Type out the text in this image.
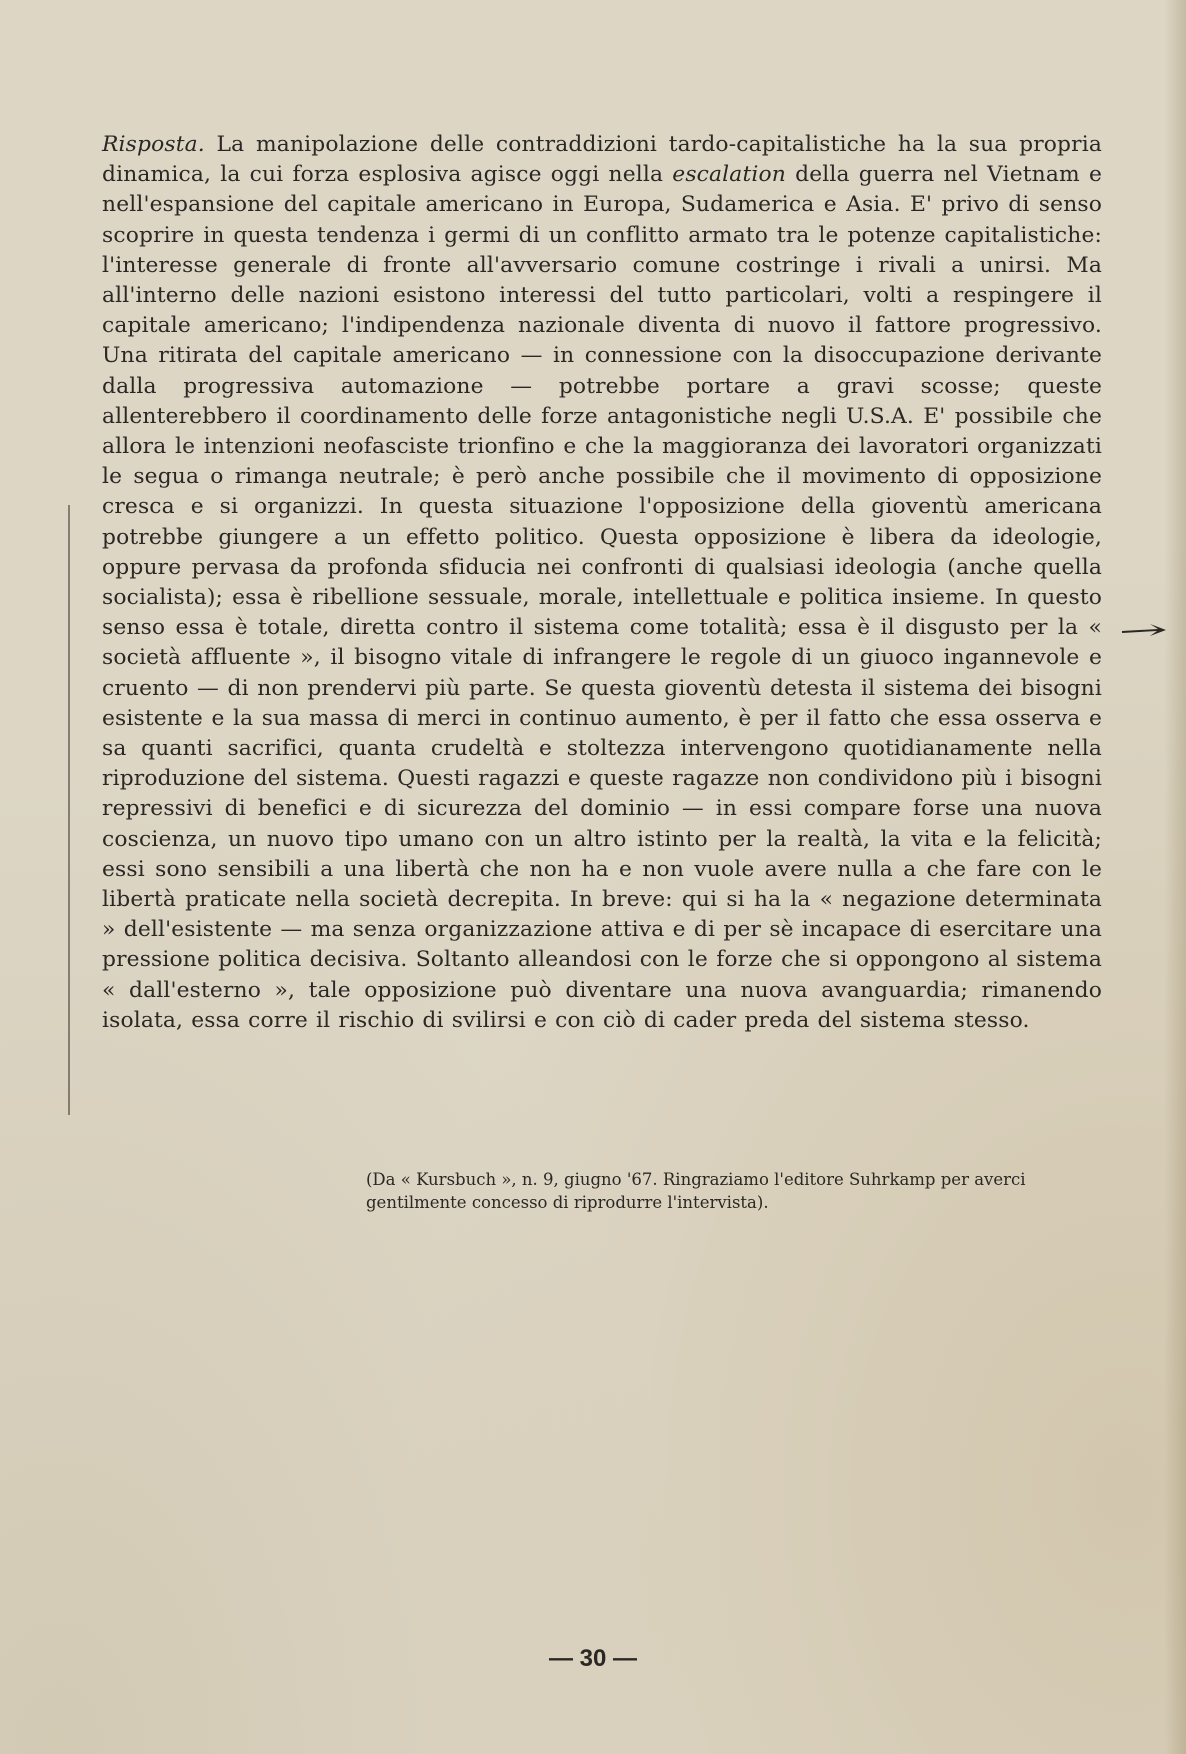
Risposta. La manipolazione delle contraddizioni tardo-capitalistiche ha la sua propria dinamica, la cui forza esplosiva agisce oggi nella escalation della guerra nel Vietnam e nell'espansione del capitale americano in Europa, Sudamerica e Asia. E' privo di senso scoprire in questa tendenza i germi di un conflitto armato tra le potenze capitalistiche: l'interesse generale di fronte all'avversario comune costringe i rivali a unirsi. Ma all'interno delle nazioni esistono interessi del tutto particolari, volti a respingere il capitale americano; l'indipendenza nazionale diventa di nuovo il fattore progressivo. Una ritirata del capitale americano — in connessione con la disoccupazione derivante dalla progressiva automazione — potrebbe portare a gravi scosse; queste allenterebbero il coordinamento delle forze antagonistiche negli U.S.A. E' possibile che allora le intenzioni neofasciste trionfino e che la maggioranza dei lavoratori organizzati le segua o rimanga neutrale; è però anche possibile che il movimento di opposizione cresca e si organizzi. In questa situazione l'opposizione della gioventù americana potrebbe giungere a un effetto politico. Questa opposizione è libera da ideologie, oppure pervasa da profonda sfiducia nei confronti di qualsiasi ideologia (anche quella socialista); essa è ribellione sessuale, morale, intellettuale e politica insieme. In questo senso essa è totale, diretta contro il sistema come totalità; essa è il disgusto per la « società affluente », il bisogno vitale di infrangere le regole di un giuoco ingannevole e cruento — di non prendervi più parte. Se questa gioventù detesta il sistema dei bisogni esistente e la sua massa di merci in continuo aumento, è per il fatto che essa osserva e sa quanti sacrifici, quanta crudeltà e stoltezza intervengono quotidianamente nella riproduzione del sistema. Questi ragazzi e queste ragazze non condividono più i bisogni repressivi di benefici e di sicurezza del dominio — in essi compare forse una nuova coscienza, un nuovo tipo umano con un altro istinto per la realtà, la vita e la felicità; essi sono sensibili a una libertà che non ha e non vuole avere nulla a che fare con le libertà praticate nella società decrepita. In breve: qui si ha la « negazione determinata » dell'esistente — ma senza organizzazione attiva e di per sè incapace di esercitare una pressione politica decisiva. Soltanto alleandosi con le forze che si oppongono al sistema « dall'esterno », tale opposizione può diventare una nuova avanguardia; rimanendo isolata, essa corre il rischio di svilirsi e con ciò di cader preda del sistema stesso.

(Da « Kursbuch », n. 9, giugno '67. Ringraziamo l'editore Suhrkamp per averci gentilmente concesso di riprodurre l'intervista).

— 30 —
